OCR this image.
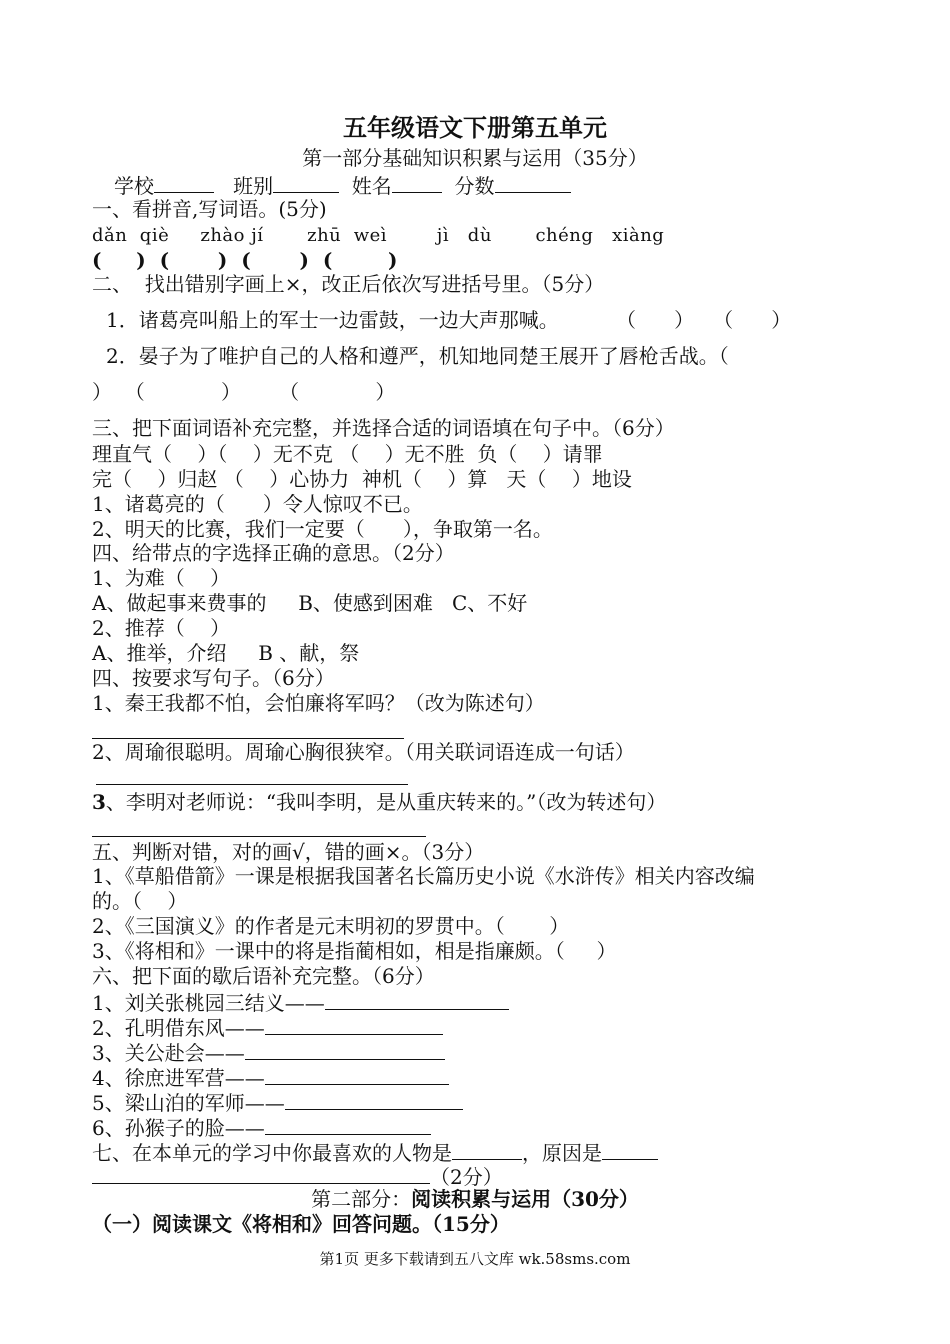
五年级语文下册第五单元
第一部分基础知识积累与运用（35分）
学校	班别	姓名	分数
一、看拼音,写词语。(5分)
dǎn  qiè     zhào jí       zhū  weì        jì   dù       chéng   xiàng
(     )  (       )  (       )  (        )
二、  找出错别字画上×，改正后依次写进括号里。（5分）
1．诸葛亮叫船上的军士一边雷鼓，一边大声那喊。         （      ）   （      ）
2．晏子为了唯护自己的人格和遵严，机知地同楚王展开了唇枪舌战。（
）  （            ）      （            ）
三、把下面词语补充完整，并选择合适的词语填在句子中。（6分）
理直气（    ）（    ）无不克 （    ）无不胜  负（    ）请罪
完（    ）归赵 （    ）心协力  神机（    ）算   天（    ）地设
1、诸葛亮的（      ）令人惊叹不已。
2、明天的比赛，我们一定要（      ），争取第一名。
四、给带点的字选择正确的意思。（2分）
1、为难（    ）
A、做起事来费事的     B、使感到困难   C、不好
2、推荐（    ）
A、推举，介绍     B 、献，祭
四、按要求写句子。（6分）
1、秦王我都不怕，会怕廉将军吗？（改为陈述句）
2、周瑜很聪明。周瑜心胸很狭窄。（用关联词语连成一句话）
3、李明对老师说：“我叫李明，是从重庆转来的。”（改为转述句）
五、判断对错，对的画√，错的画×。（3分）
1、《草船借箭》一课是根据我国著名长篇历史小说《水浒传》相关内容改编
的。（    ）
2、《三国演义》的作者是元末明初的罗贯中。（       ）
3、《将相和》一课中的将是指蔺相如，相是指廉颇。（     ）
六、把下面的歇后语补充完整。（6分）
1、刘关张桃园三结义——
2、孔明借东风——
3、关公赴会——
4、徐庶进军营——
5、梁山泊的军师——
6、孙猴子的脸——
七、在本单元的学习中你最喜欢的人物是	，原因是
（2分）
第二部分：阅读积累与运用（30分）
（一）阅读课文《将相和》回答问题。（15分）
第1页 更多下载请到五八文库 wk.58sms.com
